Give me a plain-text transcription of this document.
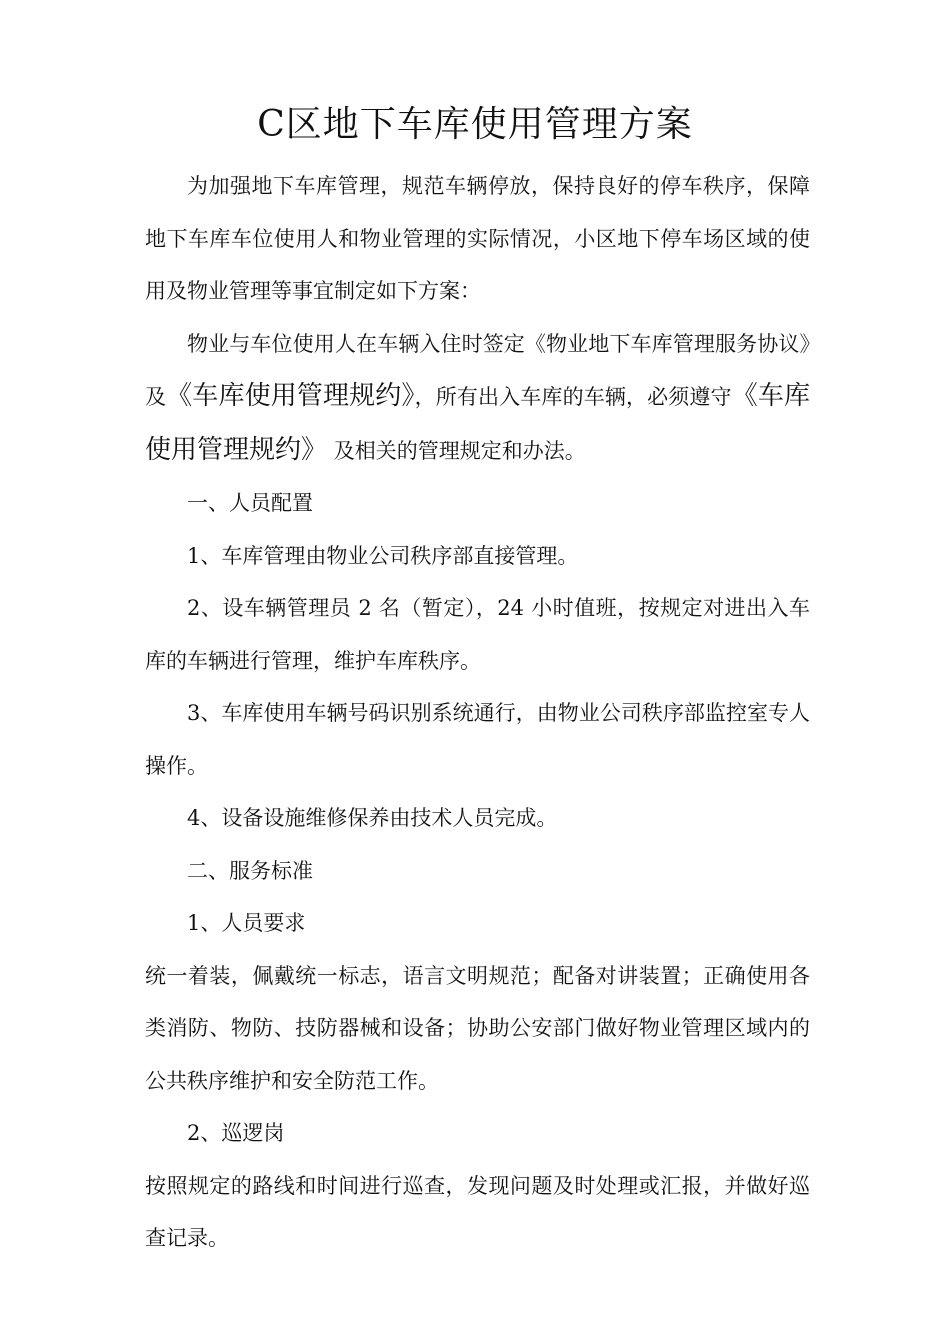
C区地下车库使用管理方案

为加强地下车库管理，规范车辆停放，保持良好的停车秩序，保障地下车库车位使用人和物业管理的实际情况，小区地下停车场区域的使用及物业管理等事宜制定如下方案：

物业与车位使用人在车辆入住时签定《物业地下车库管理服务协议》及《车库使用管理规约》，所有出入车库的车辆，必须遵守《车库使用管理规约》 及相关的管理规定和办法。

一、人员配置

1、车库管理由物业公司秩序部直接管理。

2、设车辆管理员 2 名（暂定），24 小时值班，按规定对进出入车库的车辆进行管理，维护车库秩序。

3、车库使用车辆号码识别系统通行，由物业公司秩序部监控室专人操作。

4、设备设施维修保养由技术人员完成。

二、服务标准

1、人员要求

统一着装，佩戴统一标志，语言文明规范；配备对讲装置；正确使用各类消防、物防、技防器械和设备；协助公安部门做好物业管理区域内的公共秩序维护和安全防范工作。

2、巡逻岗

按照规定的路线和时间进行巡查，发现问题及时处理或汇报，并做好巡查记录。
